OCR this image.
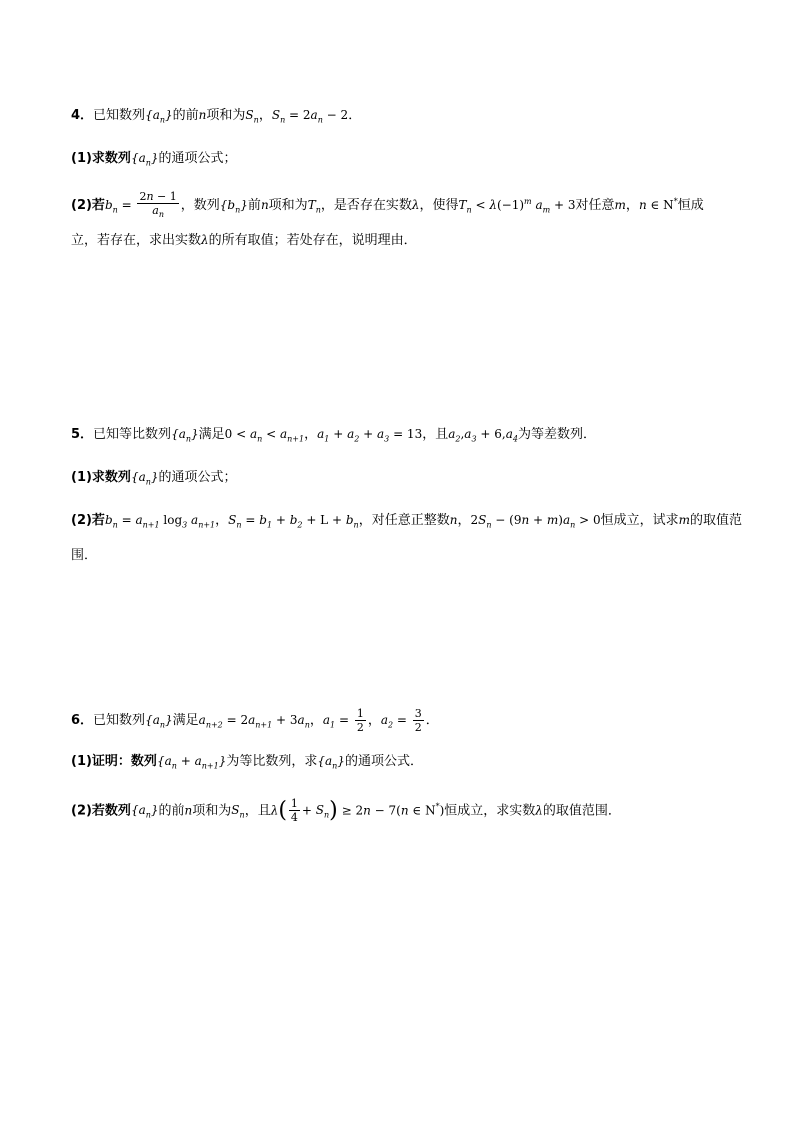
4．已知数列$\{a_n\}$的前n项和为$S_n$，$S_n = 2a_n - 2$．
(1)求数列$\{a_n\}$的通项公式；
(2)若$b_n = \frac{2n - 1}{a_n}$ ，数列$\{b_n\}$前n项和为$T_n$，是否存在实数λ，使得$T_n < \lambda(-1)^m$ $a_m + 3$对任意m，n ∈ N*恒成
立，若存在，求出实数λ的所有取值；若处存在，说明理由．
5．已知等比数列$\{a_n\}$满足$0 < a_n < a_{n+1}$，$a_1 + a_2 + a_3 = 13$，且$a_2,a_3 + 6,a_4$为等差数列．
(1)求数列$\{a_n\}$的通项公式；
(2)若$b_n = a_{n+1}$ $\log_3 a_{n+1}$，$S_n = b_1 + b_2 + L + b_n$，对任意正整数n，$2S_n - (9n + m)a_n > 0$恒成立，试求m的取值范
围．
6．已知数列$\{a_n\}$满足$a_{n+2} = 2a_{n+1} + 3a_n$，$a_1 = \frac{1}{2}$ ，$a_2 = \frac{3}{2}$ ．
(1)证明：数列$\{a_n + a_{n+1}\}$为等比数列，求$\{a_n\}$的通项公式．
(2)若数列$\{a_n\}$的前n项和为$S_n$，且$\lambda( \frac{1}{4} + S_n) \ge 2n - 7(n$ ∈ N*)恒成立，求实数λ的取值范围．
